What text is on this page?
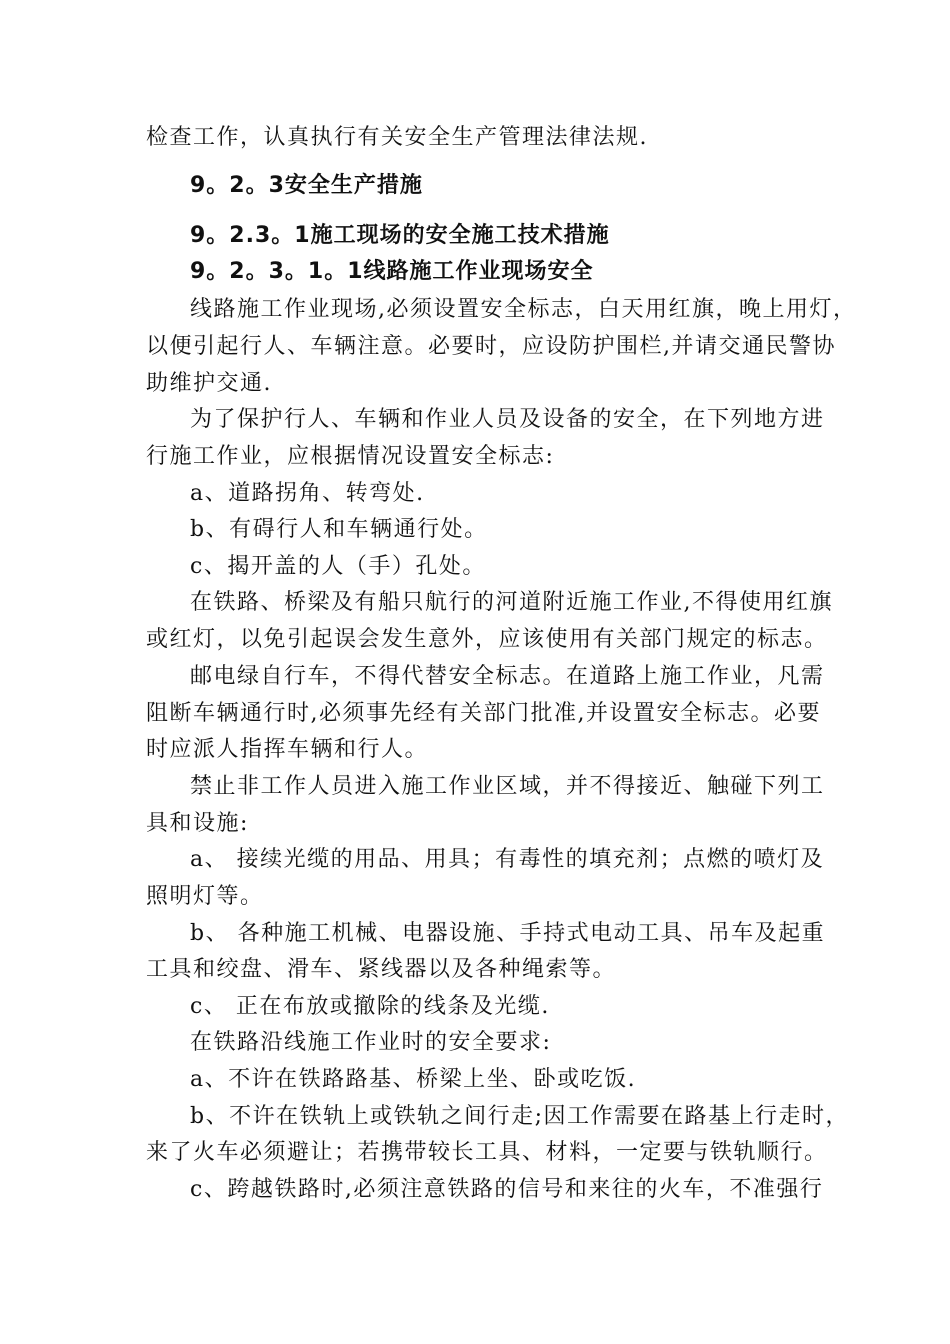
检查工作，认真执行有关安全生产管理法律法规.
9。2。3安全生产措施
9。2.3。1施工现场的安全施工技术措施
9。2。3。1。1线路施工作业现场安全
线路施工作业现场,必须设置安全标志，白天用红旗，晚上用灯，
以便引起行人、车辆注意。必要时，应设防护围栏,并请交通民警协
助维护交通.
为了保护行人、车辆和作业人员及设备的安全，在下列地方进
行施工作业，应根据情况设置安全标志:
a、道路拐角、转弯处.
b、有碍行人和车辆通行处。
c、揭开盖的人（手）孔处。
在铁路、桥梁及有船只航行的河道附近施工作业,不得使用红旗
或红灯，以免引起误会发生意外，应该使用有关部门规定的标志。
邮电绿自行车，不得代替安全标志。在道路上施工作业，凡需
阻断车辆通行时,必须事先经有关部门批准,并设置安全标志。必要
时应派人指挥车辆和行人。
禁止非工作人员进入施工作业区域，并不得接近、触碰下列工
具和设施:
a、 接续光缆的用品、用具；有毒性的填充剂；点燃的喷灯及
照明灯等。
b、 各种施工机械、电器设施、手持式电动工具、吊车及起重
工具和绞盘、滑车、紧线器以及各种绳索等。
c、 正在布放或撤除的线条及光缆.
在铁路沿线施工作业时的安全要求:
a、不许在铁路路基、桥梁上坐、卧或吃饭.
b、不许在铁轨上或铁轨之间行走;因工作需要在路基上行走时，
来了火车必须避让；若携带较长工具、材料，一定要与铁轨顺行。
c、跨越铁路时,必须注意铁路的信号和来往的火车，不准强行
